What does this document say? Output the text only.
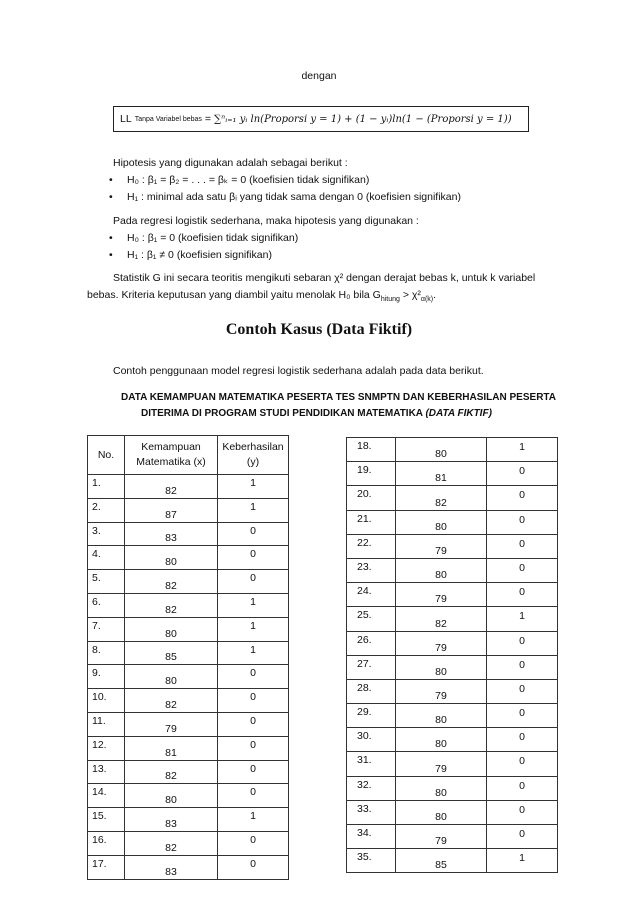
dengan
LL Tanpa Variabel bebas = ∑ⁿᵢ₌₁ yᵢ ln(Proporsi y = 1) + (1 − yᵢ)ln(1 − (Proporsi y = 1))
Hipotesis yang digunakan adalah sebagai berikut :
• H₀ : β₁ = β₂ = . . . = βₖ = 0 (koefisien tidak signifikan)
• H₁ : minimal ada satu βᵢ yang tidak sama dengan 0 (koefisien signifikan)
Pada regresi logistik sederhana, maka hipotesis yang digunakan :
• H₀ : β₁ = 0 (koefisien tidak signifikan)
• H₁ : β₁ ≠ 0 (koefisien signifikan)
Statistik G ini secara teoritis mengikuti sebaran χ² dengan derajat bebas k, untuk k variabel
bebas. Kriteria keputusan yang diambil yaitu menolak H₀ bila $G_{hitung} > \chi^2_{\alpha(k)}$.
Contoh Kasus (Data Fiktif)
Contoh penggunaan model regresi logistik sederhana adalah pada data berikut.
DATA KEMAMPUAN MATEMATIKA PESERTA TES SNMPTN DAN KEBERHASILAN PESERTA
DITERIMA DI PROGRAM STUDI PENDIDIKAN MATEMATIKA (DATA FIKTIF)
No.	Kemampuan Matematika (x)	Keberhasilan (y)
1.	82	1
2.	87	1
3.	83	0
4.	80	0
5.	82	0
6.	82	1
7.	80	1
8.	85	1
9.	80	0
10.	82	0
11.	79	0
12.	81	0
13.	82	0
14.	80	0
15.	83	1
16.	82	0
17.	83	0
18.	80	1
19.	81	0
20.	82	0
21.	80	0
22.	79	0
23.	80	0
24.	79	0
25.	82	1
26.	79	0
27.	80	0
28.	79	0
29.	80	0
30.	80	0
31.	79	0
32.	80	0
33.	80	0
34.	79	0
35.	85	1
